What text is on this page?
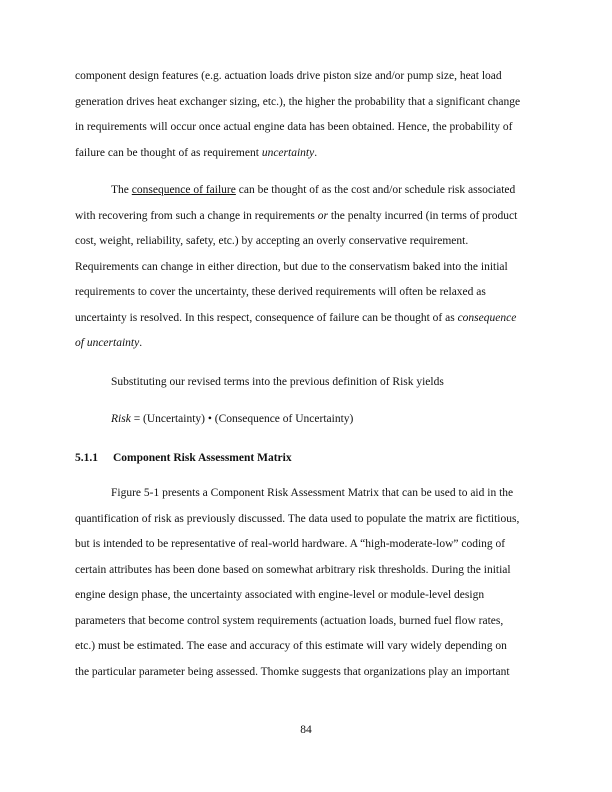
component design features (e.g. actuation loads drive piston size and/or pump size, heat load
generation drives heat exchanger sizing, etc.), the higher the probability that a significant change
in requirements will occur once actual engine data has been obtained. Hence, the probability of
failure can be thought of as requirement uncertainty.
The consequence of failure can be thought of as the cost and/or schedule risk associated
with recovering from such a change in requirements or the penalty incurred (in terms of product
cost, weight, reliability, safety, etc.) by accepting an overly conservative requirement.
Requirements can change in either direction, but due to the conservatism baked into the initial
requirements to cover the uncertainty, these derived requirements will often be relaxed as
uncertainty is resolved. In this respect, consequence of failure can be thought of as consequence
of uncertainty.
Substituting our revised terms into the previous definition of Risk yields
Risk = (Uncertainty) • (Consequence of Uncertainty)
5.1.1 Component Risk Assessment Matrix
Figure 5-1 presents a Component Risk Assessment Matrix that can be used to aid in the
quantification of risk as previously discussed. The data used to populate the matrix are fictitious,
but is intended to be representative of real-world hardware. A “high-moderate-low” coding of
certain attributes has been done based on somewhat arbitrary risk thresholds. During the initial
engine design phase, the uncertainty associated with engine-level or module-level design
parameters that become control system requirements (actuation loads, burned fuel flow rates,
etc.) must be estimated. The ease and accuracy of this estimate will vary widely depending on
the particular parameter being assessed. Thomke suggests that organizations play an important
84
